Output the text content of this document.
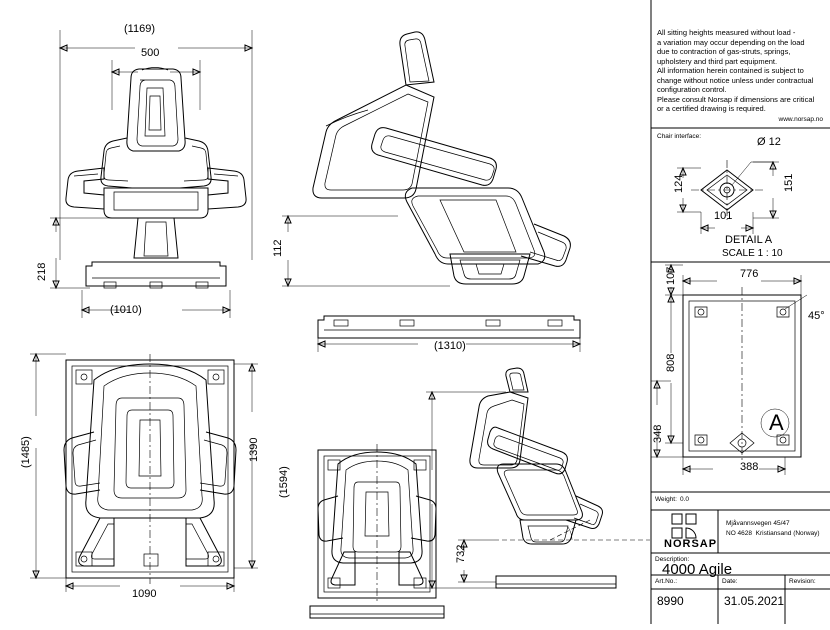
(1169)
500
218
(1010)
112
(1310)
(1485)	1390
1090
(1594)
732
All sitting heights measured without load -
a variation may occur depending on the load
due to contraction of gas-struts, springs,
upholstery and third part equipment.
All information herein contained is subject to
change without notice unless under contractual
configuration control.
Please consult Norsap if dimensions are critical
or a certified drawing is required.
www.norsap.no
Chair interface:	Ø 12
124	151
101
DETAIL A
SCALE 1 : 10
776
107
808
348
388
45°
A
Weight: 0.0
NORSAP
Mjåvannsvegen 45/47
NO 4628  Kristiansand (Norway)
Description:
4000 Agile
Art.No.:
8990
Date:
31.05.2021
Revision:
